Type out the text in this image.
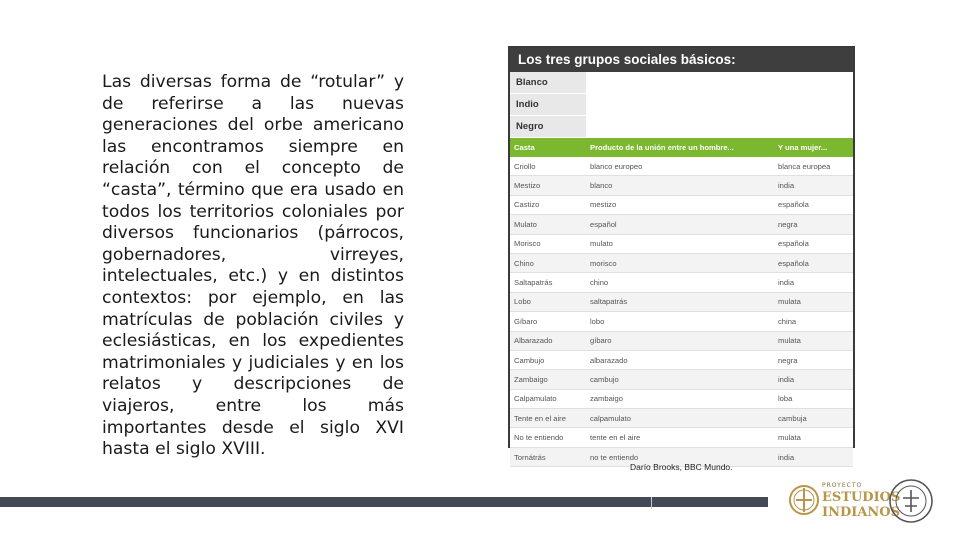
Las diversas forma de “rotular” y de referirse a las nuevas generaciones del orbe americano las encontramos siempre en relación con el concepto de “casta”, término que era usado en todos los territorios coloniales por diversos funcionarios (párrocos, gobernadores, virreyes, intelectuales, etc.) y en distintos contextos: por ejemplo, en las matrículas de población civiles y eclesiásticas, en los expedientes matrimoniales y judiciales y en los relatos y descripciones de viajeros, entre los más importantes desde el siglo XVI hasta el siglo XVIII.

Los tres grupos sociales básicos:
Blanco
Indio
Negro
Casta	Producto de la unión entre un hombre...	Y una mujer...
Criollo	blanco europeo	blanca europea
Mestizo	blanco	india
Castizo	mestizo	española
Mulato	español	negra
Morisco	mulato	española
Chino	morisco	española
Saltapatrás	chino	india
Lobo	saltapatrás	mulata
Gíbaro	lobo	china
Albarazado	gíbaro	mulata
Cambujo	albarazado	negra
Zambaigo	cambujo	india
Calpamulato	zambaigo	loba
Tente en el aire	calpamulato	cambuja
No te entiendo	tente en el aire	mulata
Tornátrás	no te entiendo	india
Darío Brooks, BBC Mundo.
PROYECTO
ESTUDIOS
INDIANOS
